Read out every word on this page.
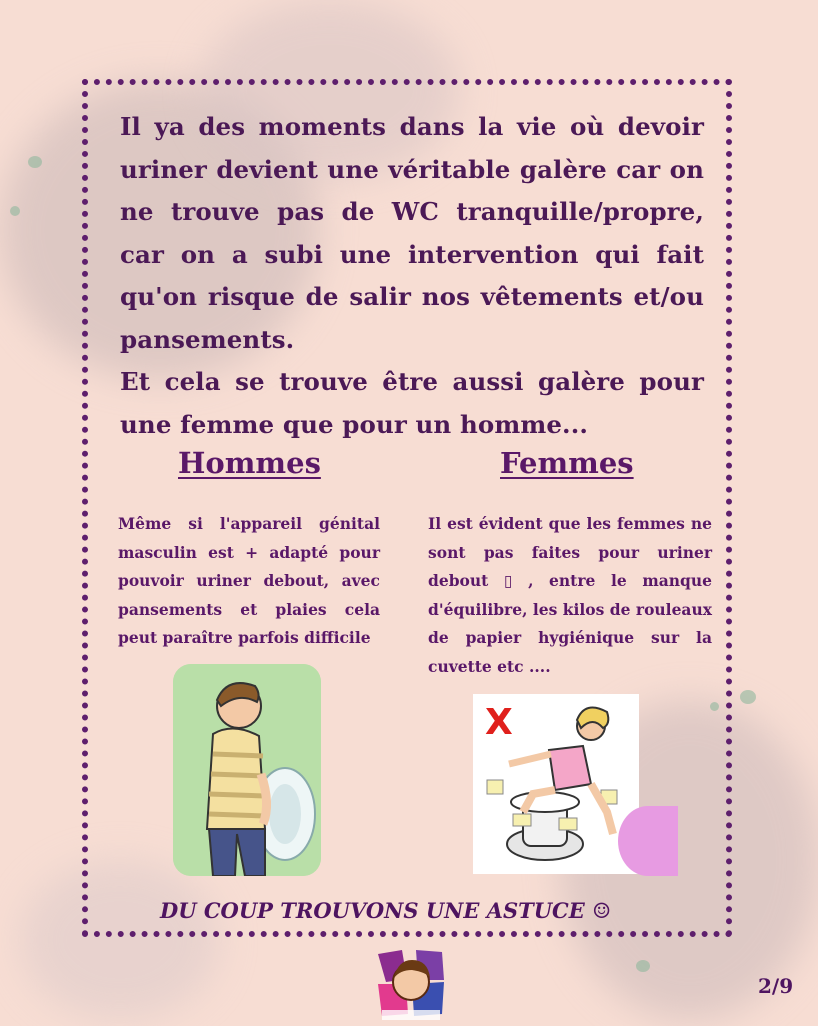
Il ya des moments dans la vie où devoir uriner devient une véritable galère car on ne trouve pas de WC tranquille/propre, car on a subi une intervention qui fait qu'on risque de salir nos vêtements et/ou pansements.
Et cela se trouve être aussi galère pour une femme que pour un homme...
Hommes	Femmes
Même si l'appareil génital masculin est + adapté pour pouvoir uriner debout, avec pansements et plaies cela peut paraître parfois difficile
Il est évident que les femmes ne sont pas faites pour uriner debout ▯ , entre le manque d'équilibre, les kilos de rouleaux de papier hygiénique sur la cuvette etc ....
X
DU COUP TROUVONS UNE ASTUCE ☺
2/9
